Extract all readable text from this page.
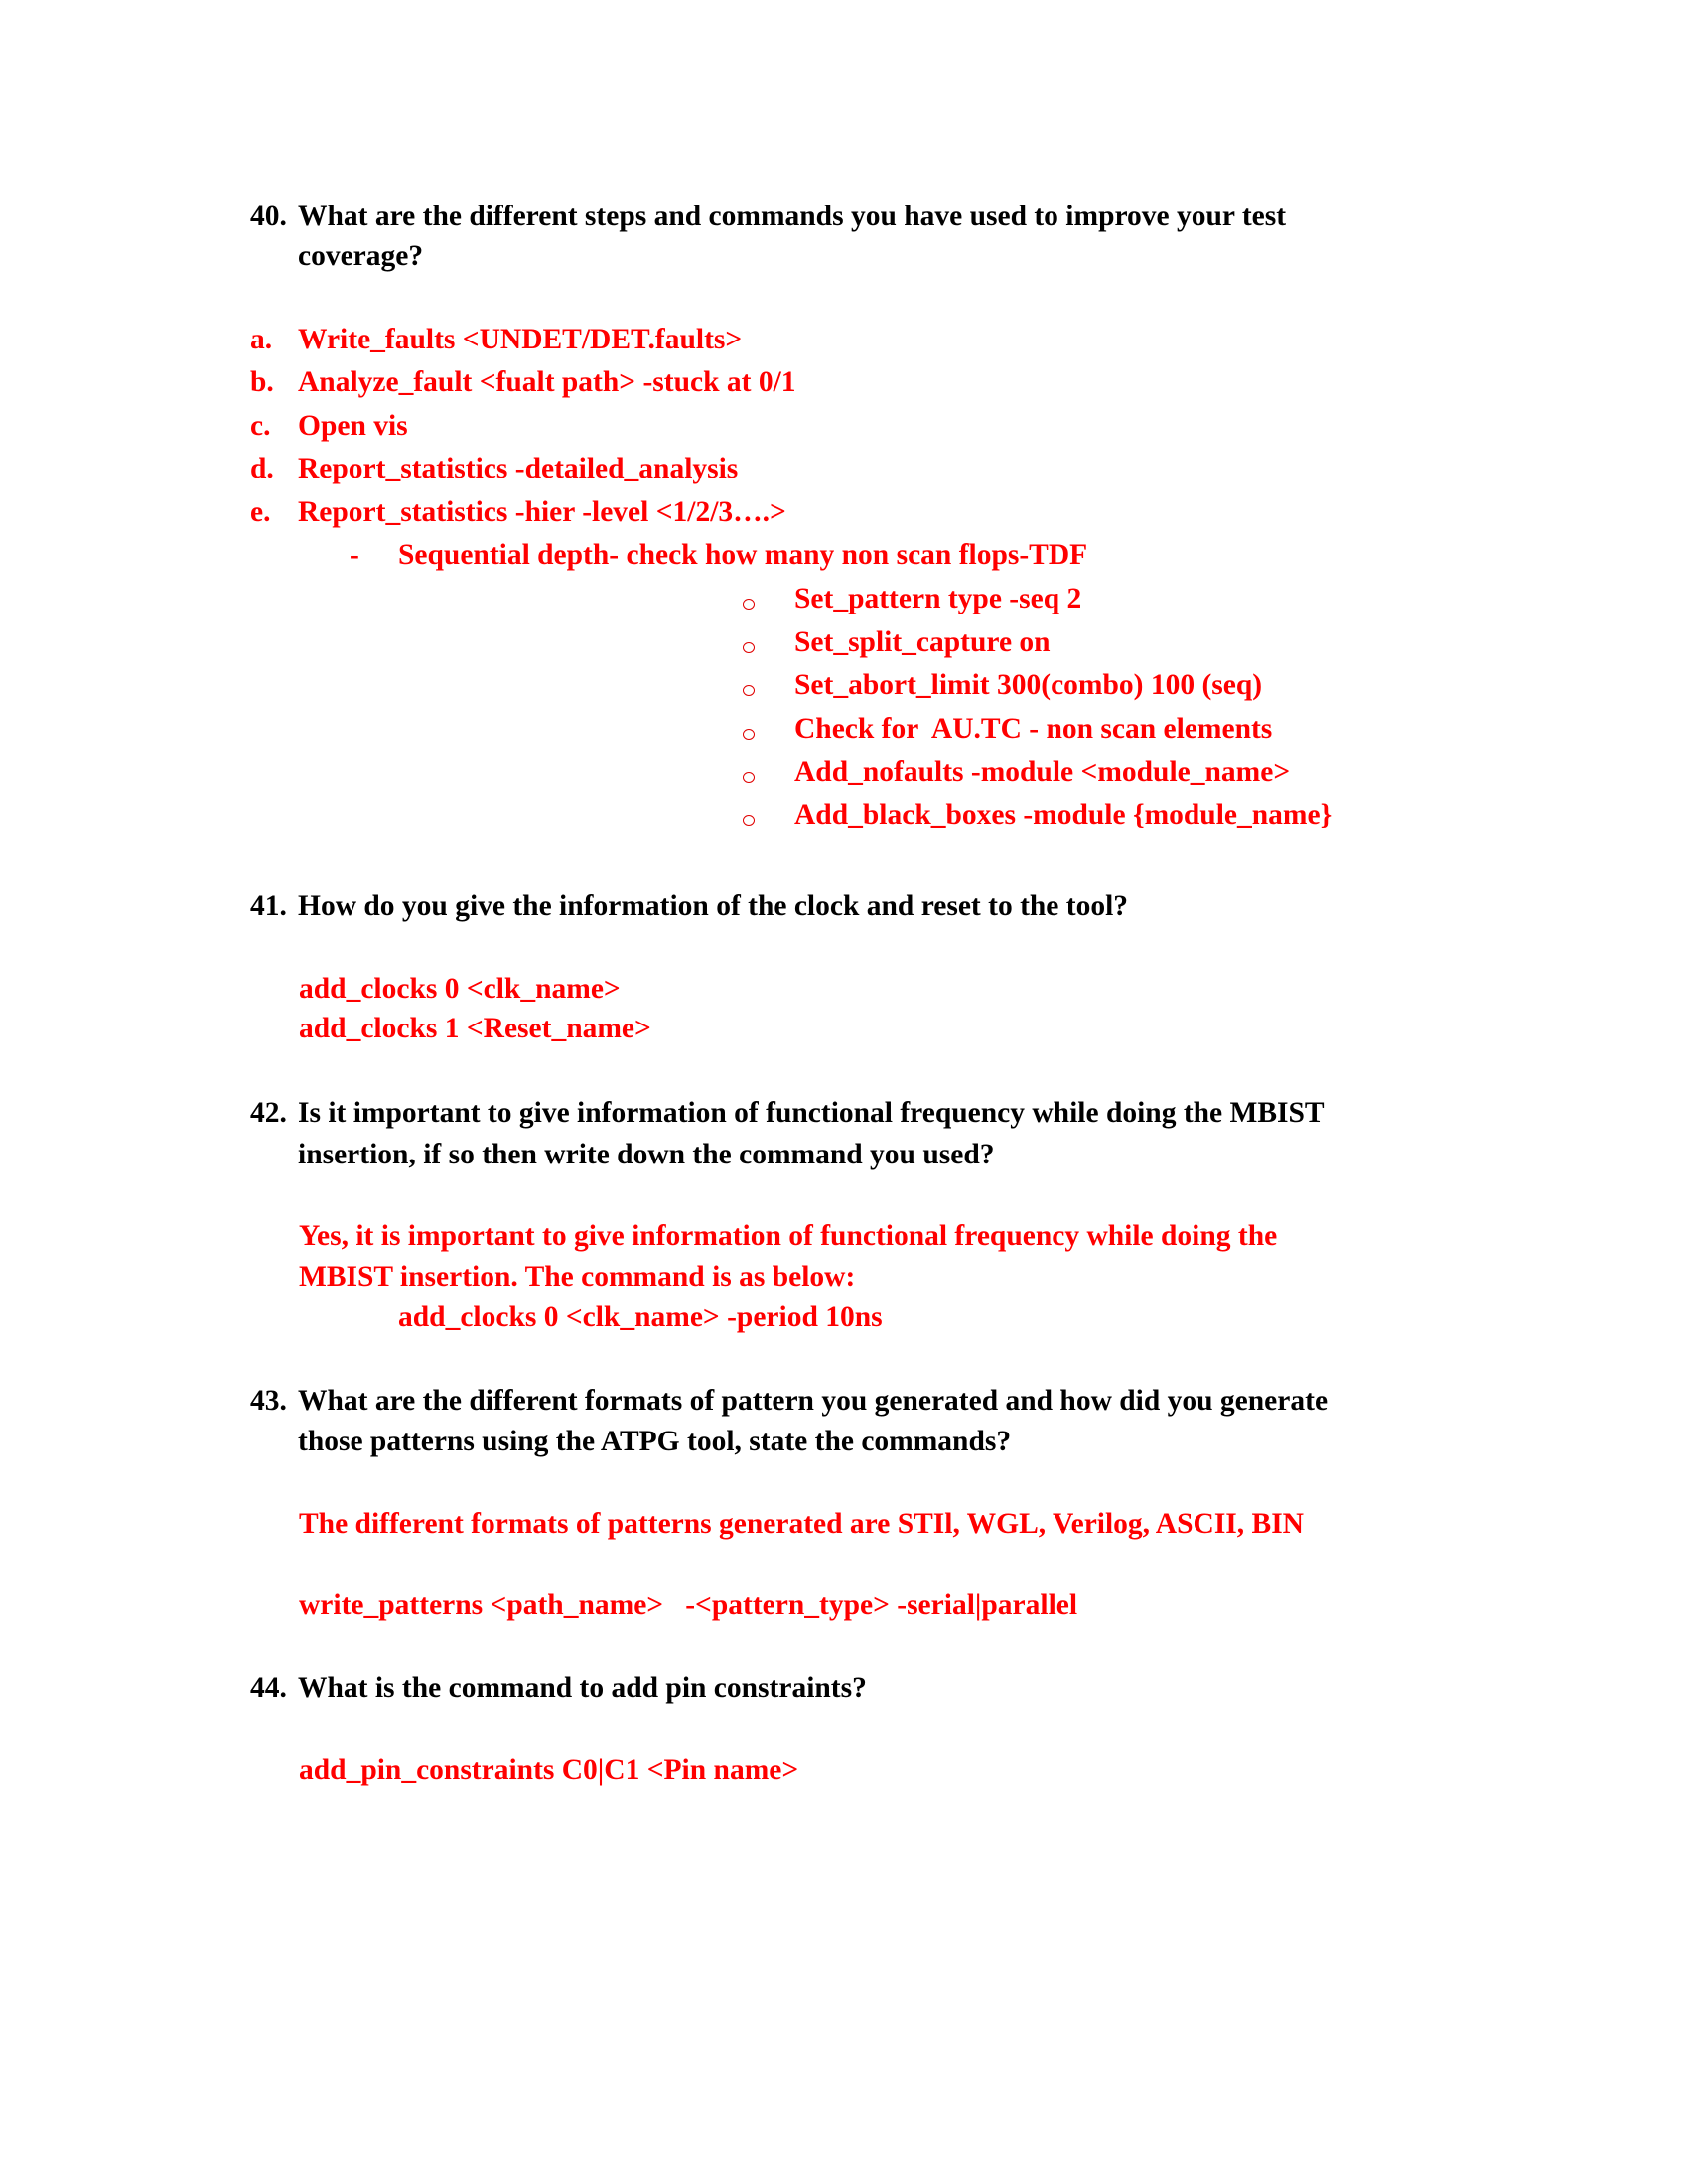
40. What are the different steps and commands you have used to improve your test
coverage?
a. Write_faults <UNDET/DET.faults>
b. Analyze_fault <fualt path> -stuck at 0/1
c. Open vis
d. Report_statistics -detailed_analysis
e. Report_statistics -hier -level <1/2/3….>
- Sequential depth- check how many non scan flops-TDF
Set_pattern type -seq 2
Set_split_capture on
Set_abort_limit 300(combo) 100 (seq)
Check for  AU.TC - non scan elements
Add_nofaults -module <module_name>
Add_black_boxes -module {module_name}
41. How do you give the information of the clock and reset to the tool?
add_clocks 0 <clk_name>
add_clocks 1 <Reset_name>
42. Is it important to give information of functional frequency while doing the MBIST
insertion, if so then write down the command you used?
Yes, it is important to give information of functional frequency while doing the
MBIST insertion. The command is as below:
add_clocks 0 <clk_name> -period 10ns
43. What are the different formats of pattern you generated and how did you generate
those patterns using the ATPG tool, state the commands?
The different formats of patterns generated are STIl, WGL, Verilog, ASCII, BIN
write_patterns <path_name>   -<pattern_type> -serial|parallel
44. What is the command to add pin constraints?
add_pin_constraints C0|C1 <Pin name>
